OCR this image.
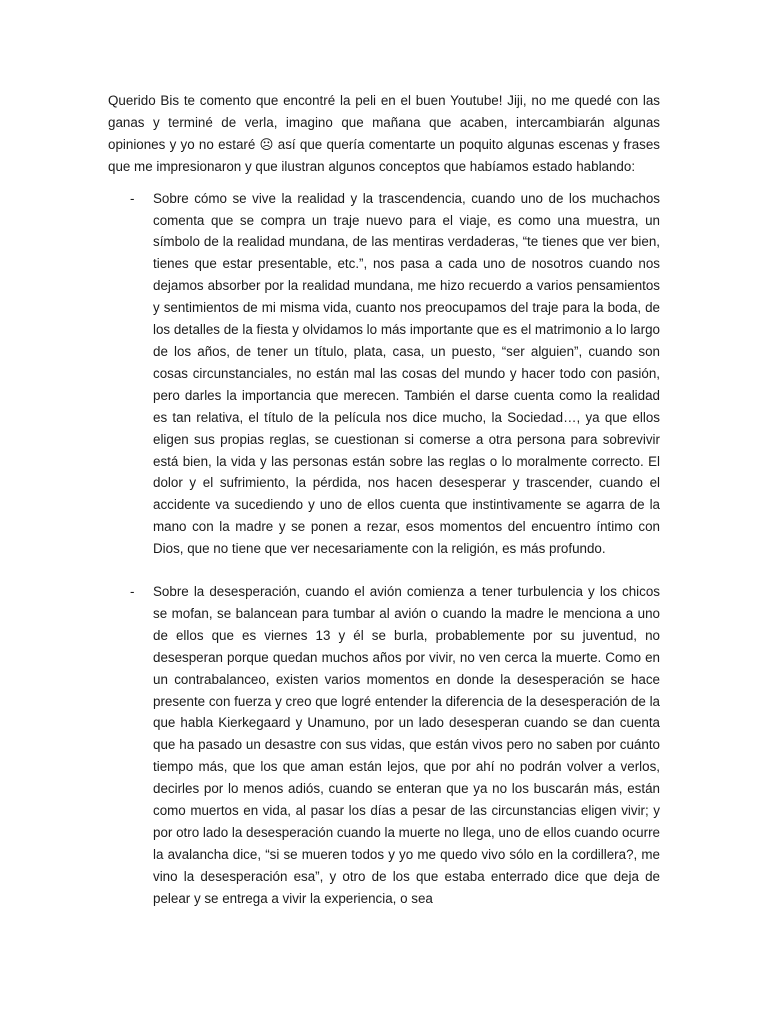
Querido Bis te comento que encontré la peli en el buen Youtube! Jiji, no me quedé con las ganas y terminé de verla, imagino que mañana que acaben, intercambiarán algunas opiniones y yo no estaré ☹ así que quería comentarte un poquito algunas escenas y frases que me impresionaron y que ilustran algunos conceptos que habíamos estado hablando:

- Sobre cómo se vive la realidad y la trascendencia, cuando uno de los muchachos comenta que se compra un traje nuevo para el viaje, es como una muestra, un símbolo de la realidad mundana, de las mentiras verdaderas, “te tienes que ver bien, tienes que estar presentable, etc.”, nos pasa a cada uno de nosotros cuando nos dejamos absorber por la realidad mundana, me hizo recuerdo a varios pensamientos y sentimientos de mi misma vida, cuanto nos preocupamos del traje para la boda, de los detalles de la fiesta y olvidamos lo más importante que es el matrimonio a lo largo de los años, de tener un título, plata, casa, un puesto, “ser alguien”, cuando son cosas circunstanciales, no están mal las cosas del mundo y hacer todo con pasión, pero darles la importancia que merecen. También el darse cuenta como la realidad es tan relativa, el título de la película nos dice mucho, la Sociedad…, ya que ellos eligen sus propias reglas, se cuestionan si comerse a otra persona para sobrevivir está bien, la vida y las personas están sobre las reglas o lo moralmente correcto. El dolor y el sufrimiento, la pérdida, nos hacen desesperar y trascender, cuando el accidente va sucediendo y uno de ellos cuenta que instintivamente se agarra de la mano con la madre y se ponen a rezar, esos momentos del encuentro íntimo con Dios, que no tiene que ver necesariamente con la religión, es más profundo.
- Sobre la desesperación, cuando el avión comienza a tener turbulencia y los chicos se mofan, se balancean para tumbar al avión o cuando la madre le menciona a uno de ellos que es viernes 13 y él se burla, probablemente por su juventud, no desesperan porque quedan muchos años por vivir, no ven cerca la muerte. Como en un contrabalanceo, existen varios momentos en donde la desesperación se hace presente con fuerza y creo que logré entender la diferencia de la desesperación de la que habla Kierkegaard y Unamuno, por un lado desesperan cuando se dan cuenta que ha pasado un desastre con sus vidas, que están vivos pero no saben por cuánto tiempo más, que los que aman están lejos, que por ahí no podrán volver a verlos, decirles por lo menos adiós, cuando se enteran que ya no los buscarán más, están como muertos en vida, al pasar los días a pesar de las circunstancias eligen vivir; y por otro lado la desesperación cuando la muerte no llega, uno de ellos cuando ocurre la avalancha dice, “si se mueren todos y yo me quedo vivo sólo en la cordillera?, me vino la desesperación esa”, y otro de los que estaba enterrado dice que deja de pelear y se entrega a vivir la experiencia, o sea
